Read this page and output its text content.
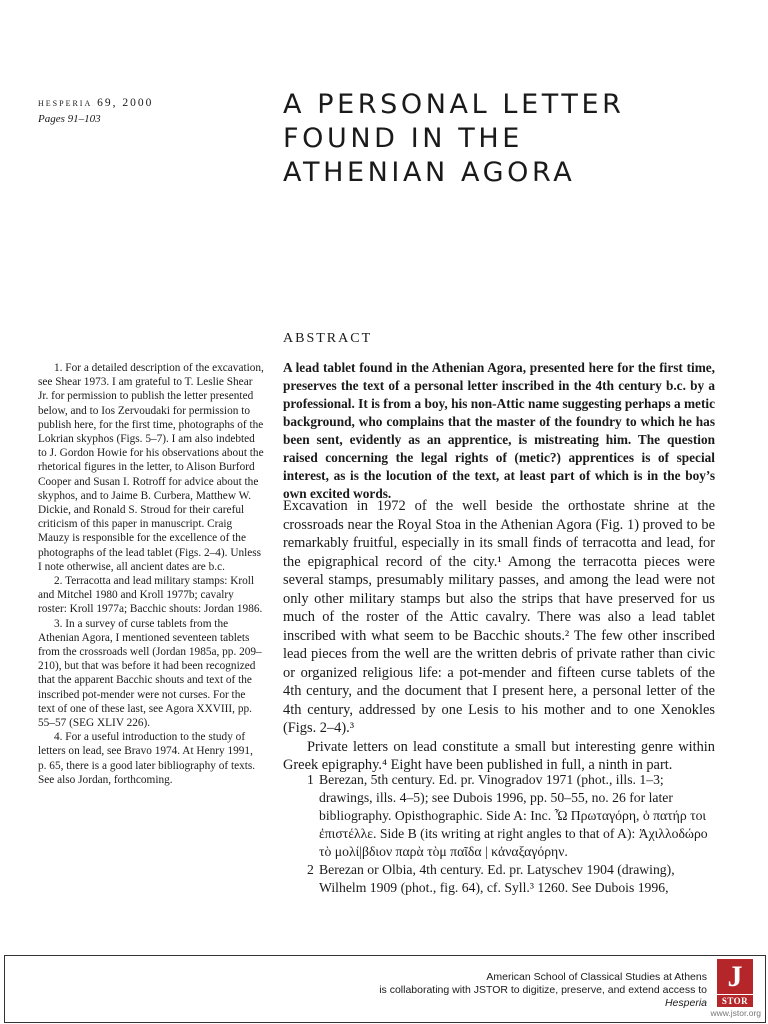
hesperia 69, 2000
Pages 91–103	A PERSONAL LETTER
FOUND IN THE
ATHENIAN AGORA
ABSTRACT

A lead tablet found in the Athenian Agora, presented here for the first time, preserves the text of a personal letter inscribed in the 4th century b.c. by a professional. It is from a boy, his non-Attic name suggesting perhaps a metic background, who complains that the master of the foundry to which he has been sent, evidently as an apprentice, is mistreating him. The question raised concerning the legal rights of (metic?) apprentices is of special interest, as is the locution of the text, at least part of which is in the boy’s own excited words.

Excavation in 1972 of the well beside the orthostate shrine at the crossroads near the Royal Stoa in the Athenian Agora (Fig. 1) proved to be remarkably fruitful, especially in its small finds of terracotta and lead, for the epigraphical record of the city.¹ Among the terracotta pieces were several stamps, presumably military passes, and among the lead were not only other military stamps but also the strips that have preserved for us much of the roster of the Attic cavalry. There was also a lead tablet inscribed with what seem to be Bacchic shouts.² The few other inscribed lead pieces from the well are the written debris of private rather than civic or organized religious life: a pot-mender and fifteen curse tablets of the 4th century, and the document that I present here, a personal letter of the 4th century, addressed by one Lesis to his mother and to one Xenokles (Figs. 2–4).³

Private letters on lead constitute a small but interesting genre within Greek epigraphy.⁴ Eight have been published in full, a ninth in part.

1 Berezan, 5th century. Ed. pr. Vinogradov 1971 (phot., ills. 1–3; drawings, ills. 4–5); see Dubois 1996, pp. 50–55, no. 26 for later bibliography. Opisthographic. Side A: Inc. Ὦ Πρωταγόρη, ὁ πατήρ τοι ἐπιστέλλε. Side B (its writing at right angles to that of A): Ἀχιλλοδώρο τὸ μολί|βδιον παρὰ τὸμ παῖδα | κἀναξαγόρην.
2 Berezan or Olbia, 4th century. Ed. pr. Latyschev 1904 (drawing), Wilhelm 1909 (phot., fig. 64), cf. Syll.³ 1260. See Dubois 1996,

1. For a detailed description of the excavation, see Shear 1973. I am grateful to T. Leslie Shear Jr. for permission to publish the letter presented below, and to Ios Zervoudaki for permission to publish here, for the first time, photographs of the Lokrian skyphos (Figs. 5–7). I am also indebted to J. Gordon Howie for his observations about the rhetorical figures in the letter, to Alison Burford Cooper and Susan I. Rotroff for advice about the skyphos, and to Jaime B. Curbera, Matthew W. Dickie, and Ronald S. Stroud for their careful criticism of this paper in manuscript. Craig Mauzy is responsible for the excellence of the photographs of the lead tablet (Figs. 2–4). Unless I note otherwise, all ancient dates are b.c.

2. Terracotta and lead military stamps: Kroll and Mitchel 1980 and Kroll 1977b; cavalry roster: Kroll 1977a; Bacchic shouts: Jordan 1986.

3. In a survey of curse tablets from the Athenian Agora, I mentioned seventeen tablets from the crossroads well (Jordan 1985a, pp. 209–210), but that was before it had been recognized that the apparent Bacchic shouts and text of the inscribed pot-mender were not curses. For the text of one of these last, see Agora XXVIII, pp. 55–57 (SEG XLIV 226).

4. For a useful introduction to the study of letters on lead, see Bravo 1974. At Henry 1991, p. 65, there is a good later bibliography of texts. See also Jordan, forthcoming.

American School of Classical Studies at Athens
is collaborating with JSTOR to digitize, preserve, and extend access to
Hesperia
J
STOR
www.jstor.org
